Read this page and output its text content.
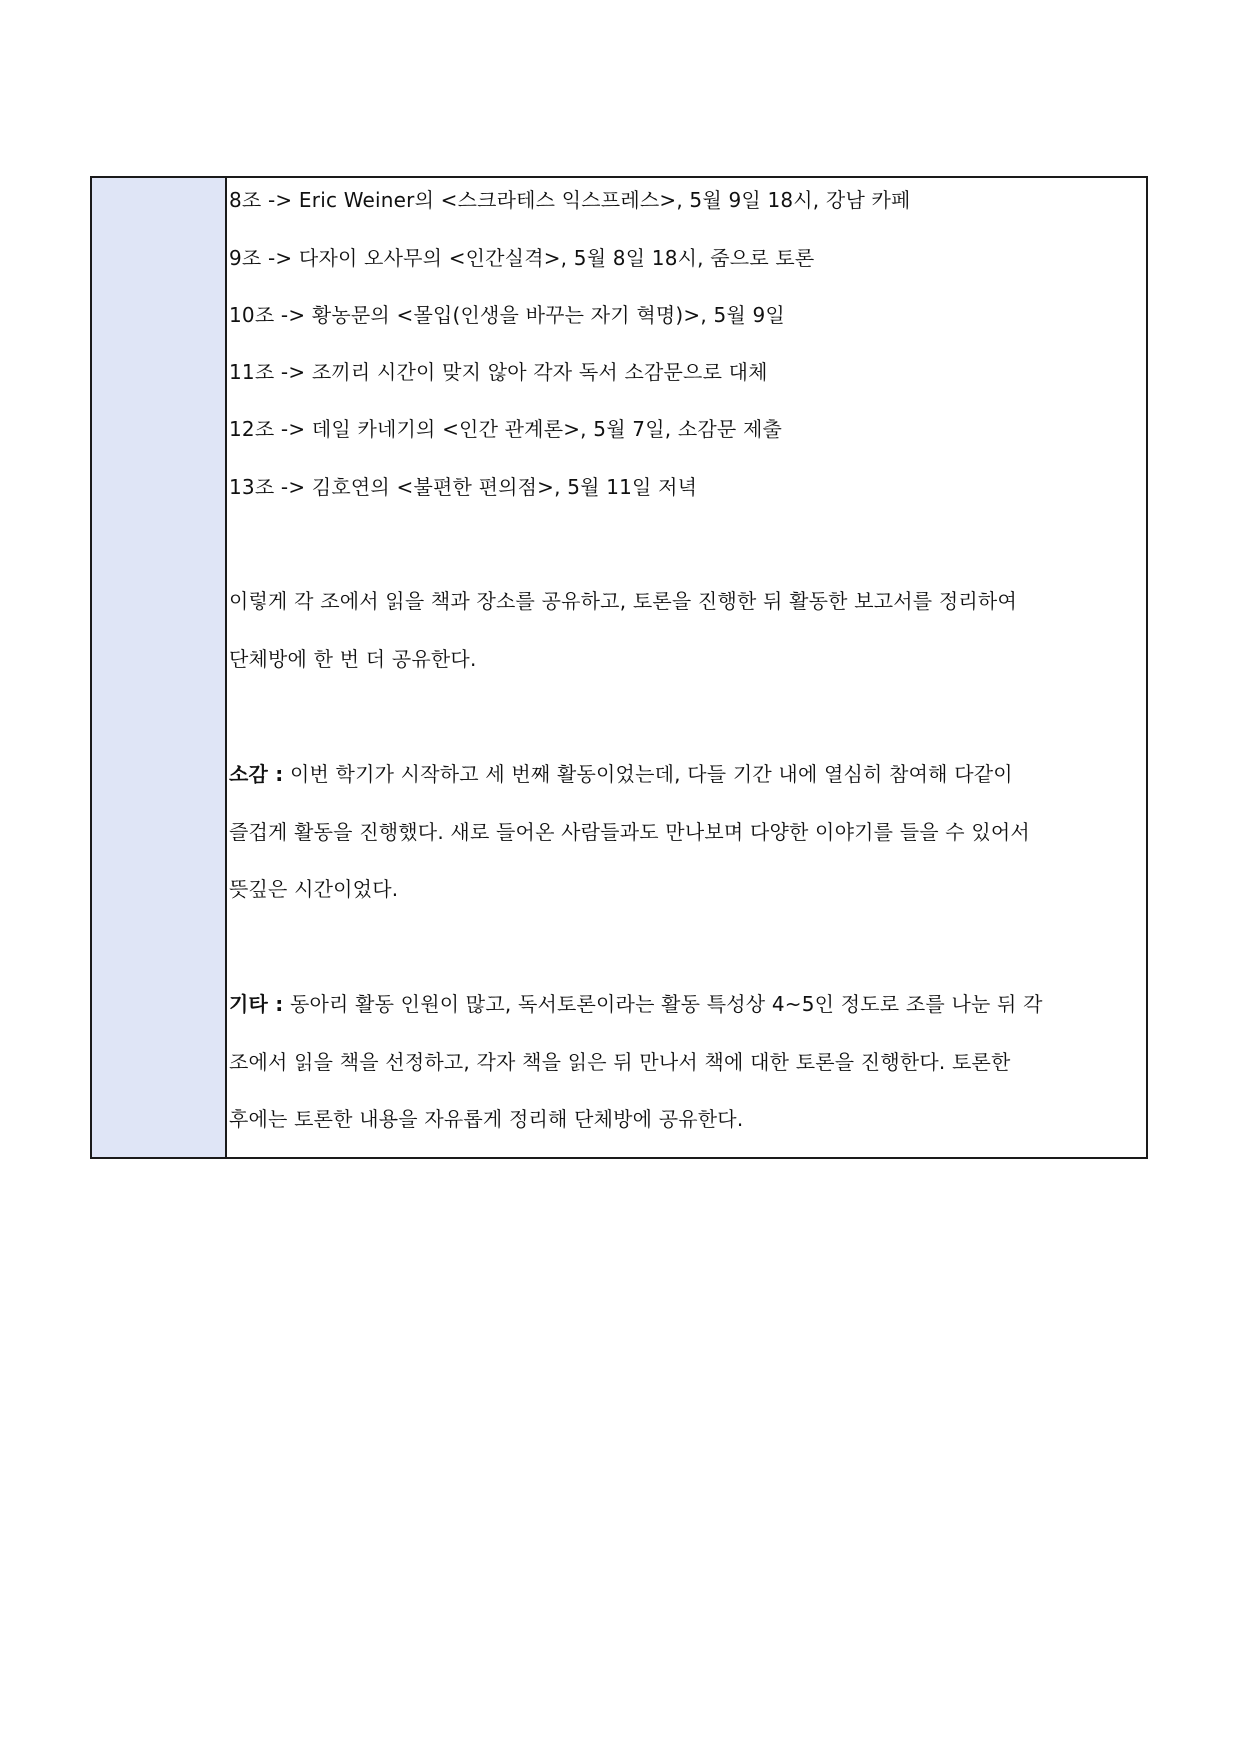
8조 -> Eric Weiner의 <스크라테스 익스프레스>, 5월 9일 18시, 강남 카페
9조 -> 다자이 오사무의 <인간실격>, 5월 8일 18시, 줌으로 토론
10조 -> 황농문의 <몰입(인생을 바꾸는 자기 혁명)>, 5월 9일
11조 -> 조끼리 시간이 맞지 않아 각자 독서 소감문으로 대체
12조 -> 데일 카네기의 <인간 관계론>, 5월 7일, 소감문 제출
13조 -> 김호연의 <불편한 편의점>, 5월 11일 저녁
이렇게 각 조에서 읽을 책과 장소를 공유하고, 토론을 진행한 뒤 활동한 보고서를 정리하여
단체방에 한 번 더 공유한다.
소감 : 이번 학기가 시작하고 세 번째 활동이었는데, 다들 기간 내에 열심히 참여해 다같이
즐겁게 활동을 진행했다. 새로 들어온 사람들과도 만나보며 다양한 이야기를 들을 수 있어서
뜻깊은 시간이었다.
기타 : 동아리 활동 인원이 많고, 독서토론이라는 활동 특성상 4~5인 정도로 조를 나눈 뒤 각
조에서 읽을 책을 선정하고, 각자 책을 읽은 뒤 만나서 책에 대한 토론을 진행한다. 토론한
후에는 토론한 내용을 자유롭게 정리해 단체방에 공유한다.
